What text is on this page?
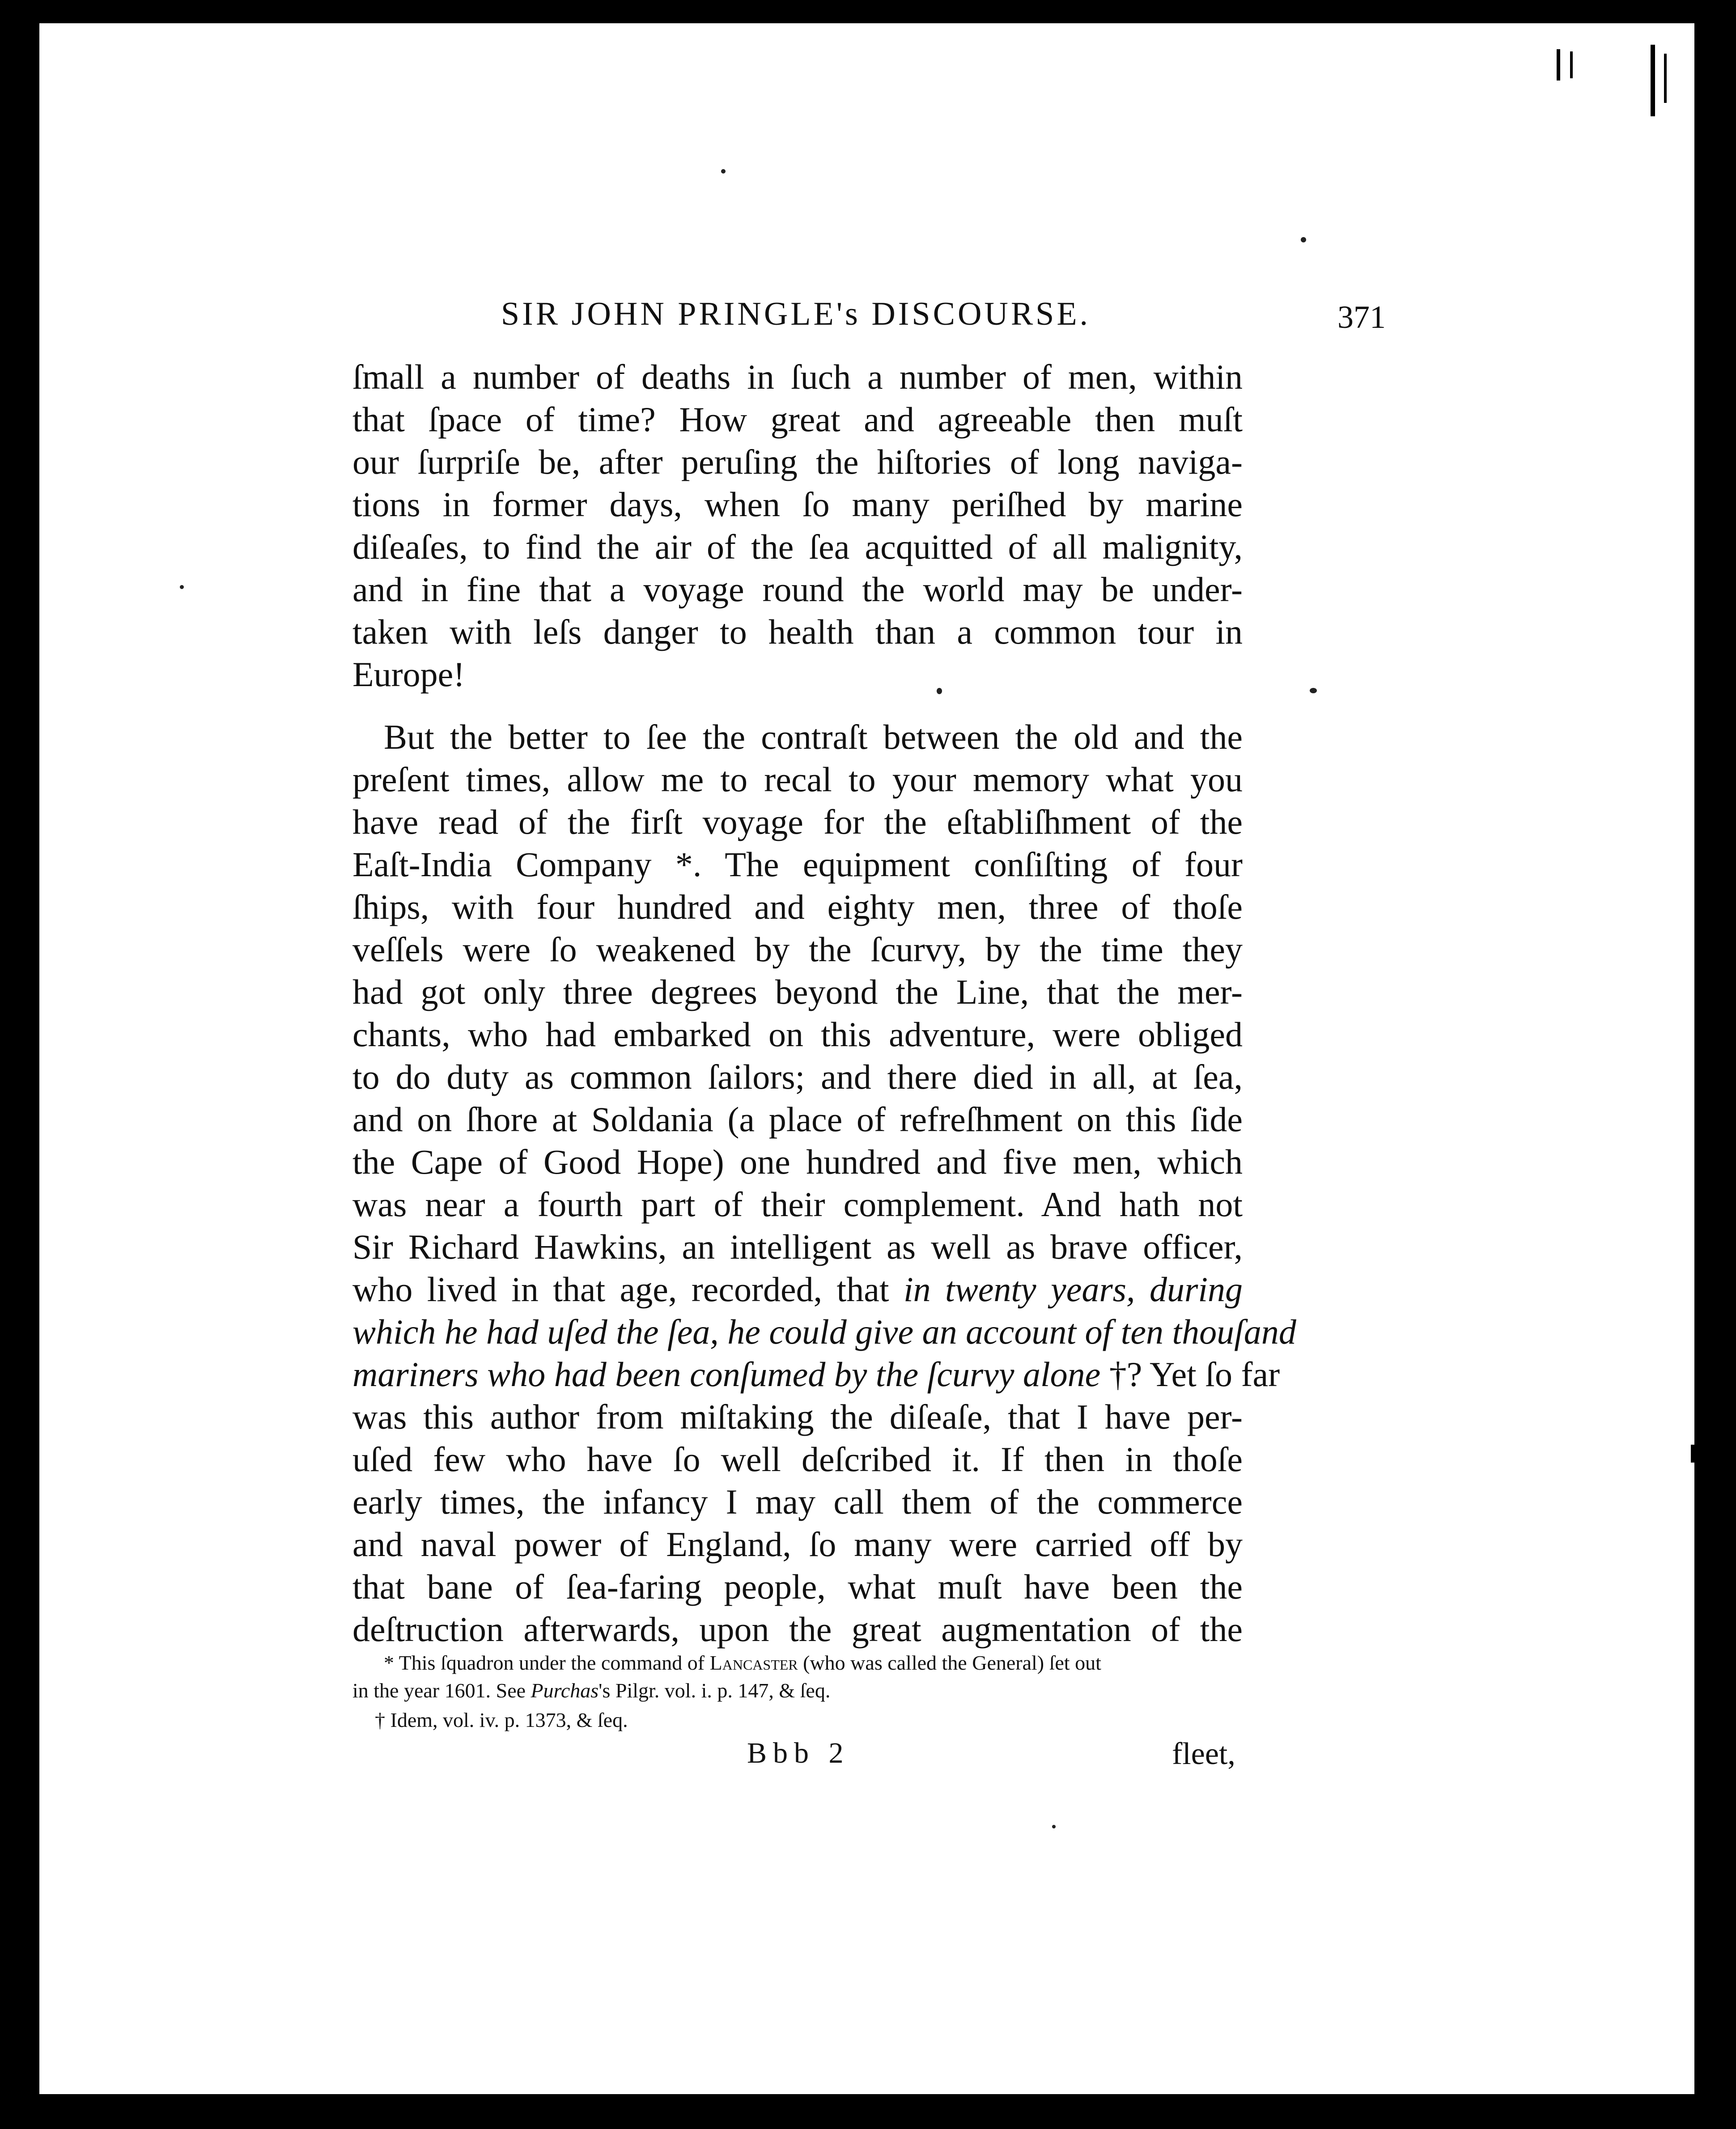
SIR JOHN PRINGLE's DISCOURSE.	371
ſmall a number of deaths in ſuch a number of men, within
that ſpace of time? How great and agreeable then muſt
our ſurpriſe be, after peruſing the hiſtories of long naviga-
tions in former days, when ſo many periſhed by marine
diſeaſes, to find the air of the ſea acquitted of all malignity,
and in fine that a voyage round the world may be under-
taken with leſs danger to health than a common tour in
Europe!
But the better to ſee the contraſt between the old and the
preſent times, allow me to recal to your memory what you
have read of the firſt voyage for the eſtabliſhment of the
Eaſt-India Company *. The equipment conſiſting of four
ſhips, with four hundred and eighty men, three of thoſe
veſſels were ſo weakened by the ſcurvy, by the time they
had got only three degrees beyond the Line, that the mer-
chants, who had embarked on this adventure, were obliged
to do duty as common ſailors; and there died in all, at ſea,
and on ſhore at Soldania (a place of refreſhment on this ſide
the Cape of Good Hope) one hundred and five men, which
was near a fourth part of their complement. And hath not
Sir Richard Hawkins, an intelligent as well as brave officer,
who lived in that age, recorded, that in twenty years, during
which he had uſed the ſea, he could give an account of ten thouſand
mariners who had been conſumed by the ſcurvy alone †? Yet ſo far
was this author from miſtaking the diſeaſe, that I have per-
uſed few who have ſo well deſcribed it. If then in thoſe
early times, the infancy I may call them of the commerce
and naval power of England, ſo many were carried off by
that bane of ſea-faring people, what muſt have been the
deſtruction afterwards, upon the great augmentation of the
* This ſquadron under the command of Lancaster (who was called the General) ſet out
in the year 1601. See Purchas's Pilgr. vol. i. p. 147, & ſeq.
† Idem, vol. iv. p. 1373, & ſeq.
Bbb 2	fleet,
